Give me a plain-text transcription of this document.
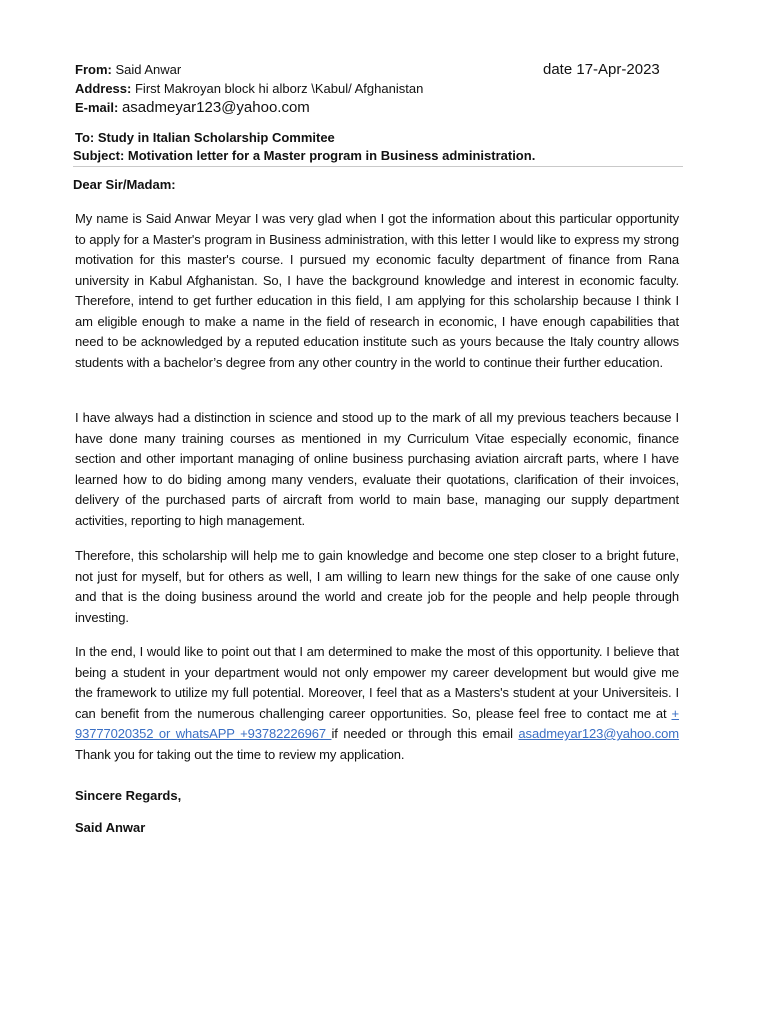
From: Said Anwar
Address: First Makroyan block hi alborz \Kabul/ Afghanistan
E-mail: asadmeyar123@yahoo.com
date 17-Apr-2023
To: Study in Italian Scholarship Commitee
Subject: Motivation letter for a Master program in Business administration.
Dear Sir/Madam:

My name is Said Anwar Meyar I was very glad when I got the information about this particular opportunity to apply for a Master's program in Business administration, with this letter I would like to express my strong motivation for this master's course. I pursued my economic faculty department of finance from Rana university in Kabul Afghanistan. So, I have the background knowledge and interest in economic faculty. Therefore, intend to get further education in this field, I am applying for this scholarship because I think I am eligible enough to make a name in the field of research in economic, I have enough capabilities that need to be acknowledged by a reputed education institute such as yours because the Italy country allows students with a bachelor’s degree from any other country in the world to continue their further education.

I have always had a distinction in science and stood up to the mark of all my previous teachers because I have done many training courses as mentioned in my Curriculum Vitae especially economic, finance section and other important managing of online business purchasing aviation aircraft parts, where I have learned how to do biding among many venders, evaluate their quotations, clarification of their invoices, delivery of the purchased parts of aircraft from world to main base, managing our supply department activities, reporting to high management.

Therefore, this scholarship will help me to gain knowledge and become one step closer to a bright future, not just for myself, but for others as well, I am willing to learn new things for the sake of one cause only and that is the doing business around the world and create job for the people and help people through investing.

In the end, I would like to point out that I am determined to make the most of this opportunity. I believe that being a student in your department would not only empower my career development but would give me the framework to utilize my full potential. Moreover, I feel that as a Masters's student at your Universiteis. I can benefit from the numerous challenging career opportunities. So, please feel free to contact me at + 93777020352 or whatsAPP +93782226967 if needed or through this email asadmeyar123@yahoo.com Thank you for taking out the time to review my application.

Sincere Regards,
Said Anwar
